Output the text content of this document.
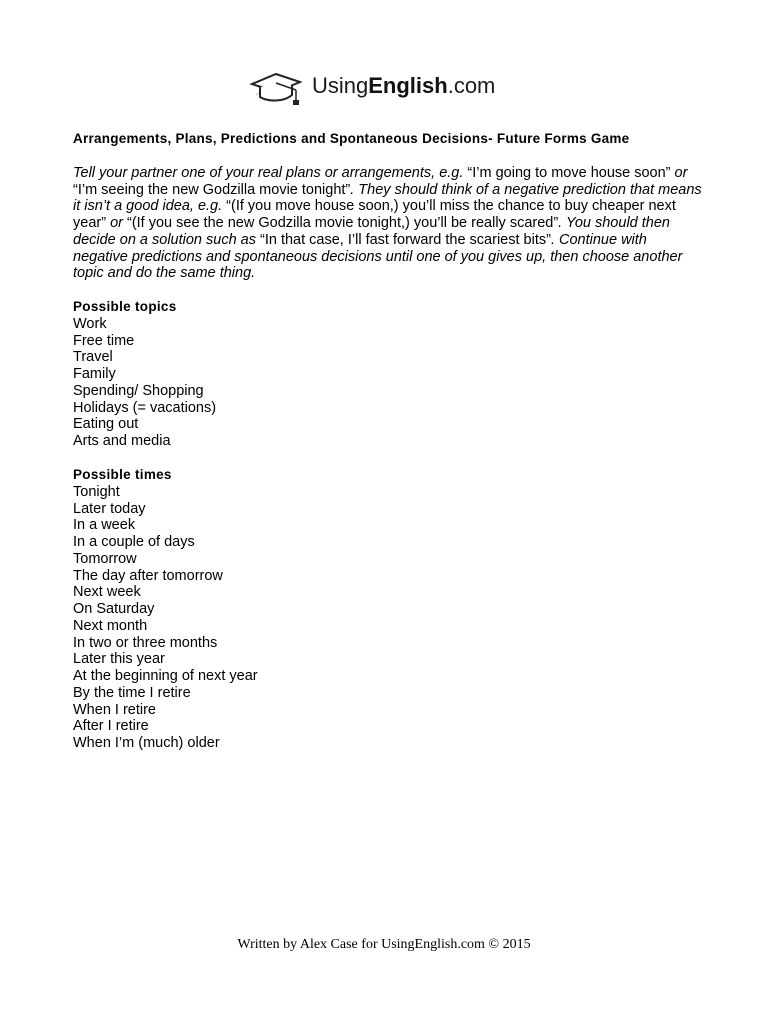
UsingEnglish.com
Arrangements, Plans, Predictions and Spontaneous Decisions- Future Forms Game

Tell your partner one of your real plans or arrangements, e.g. “I’m going to move house soon” or “I’m seeing the new Godzilla movie tonight”. They should think of a negative prediction that means it isn’t a good idea, e.g. “(If you move house soon,) you’ll miss the chance to buy cheaper next year” or “(If you see the new Godzilla movie tonight,) you’ll be really scared”. You should then decide on a solution such as “In that case, I’ll fast forward the scariest bits”. Continue with negative predictions and spontaneous decisions until one of you gives up, then choose another topic and do the same thing.

Possible topics
Work
Free time
Travel
Family
Spending/ Shopping
Holidays (= vacations)
Eating out
Arts and media
Possible times
Tonight
Later today
In a week
In a couple of days
Tomorrow
The day after tomorrow
Next week
On Saturday
Next month
In two or three months
Later this year
At the beginning of next year
By the time I retire
When I retire
After I retire
When I’m (much) older
Written by Alex Case for UsingEnglish.com © 2015
